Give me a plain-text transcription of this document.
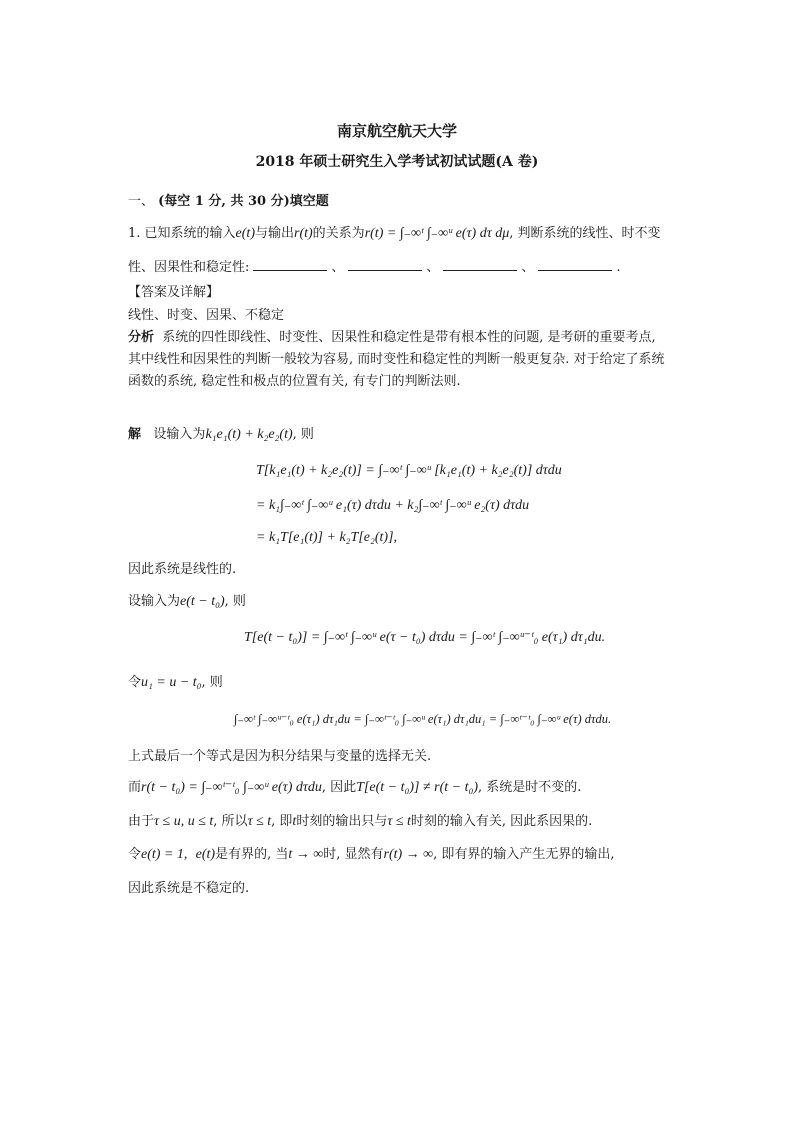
南京航空航天大学
2018 年硕士研究生入学考试初试试题(A 卷)
一、 (每空 1 分, 共 30 分)填空题
1. 已知系统的输入e(t)与输出r(t)的关系为r(t) = ∫₋∞ᵗ ∫₋∞ᵘ e(τ) dτ dμ, 判断系统的线性、时不变
性、因果性和稳定性:	、	、	、	.
【答案及详解】
线性、时变、因果、不稳定
分析 系统的四性即线性、时变性、因果性和稳定性是带有根本性的问题, 是考研的重要考点, 其中线性和因果性的判断一般较为容易, 而时变性和稳定性的判断一般更复杂. 对于给定了系统函数的系统, 稳定性和极点的位置有关, 有专门的判断法则.
解 设输入为k₁e₁(t) + k₂e₂(t), 则
T[k₁e₁(t) + k₂e₂(t)] = ∫₋∞ᵗ ∫₋∞ᵘ [k₁e₁(t) + k₂e₂(t)] dτdu
= k₁∫₋∞ᵗ ∫₋∞ᵘ e₁(τ) dτdu + k₂∫₋∞ᵗ ∫₋∞ᵘ e₂(τ) dτdu
= k₁T[e₁(t)] + k₂T[e₂(t)],
因此系统是线性的.
设输入为e(t − t₀), 则
T[e(t − t₀)] = ∫₋∞ᵗ ∫₋∞ᵘ e(τ − t₀) dτdu = ∫₋∞ᵗ ∫₋∞ᵘ⁻ᵗ₀ e(τ₁) dτ₁du.
令u₁ = u − t₀, 则
∫₋∞ᵗ ∫₋∞ᵘ⁻ᵗ₀ e(τ₁) dτ₁du = ∫₋∞ᵗ⁻ᵗ₀ ∫₋∞ᵘ e(τ₁) dτ₁du₁ = ∫₋∞ᵗ⁻ᵗ₀ ∫₋∞ᵘ e(τ) dτdu.
上式最后一个等式是因为积分结果与变量的选择无关.
而r(t − t₀) = ∫₋∞ᵗ⁻ᵗ₀ ∫₋∞ᵘ e(τ) dτdu, 因此T[e(t − t₀)] ≠ r(t − t₀), 系统是时不变的.
由于τ ≤ u, u ≤ t, 所以τ ≤ t, 即t时刻的输出只与τ ≤ t时刻的输入有关, 因此系因果的.
令e(t) = 1, e(t)是有界的, 当t → ∞时, 显然有r(t) → ∞, 即有界的输入产生无界的输出,
因此系统是不稳定的.
